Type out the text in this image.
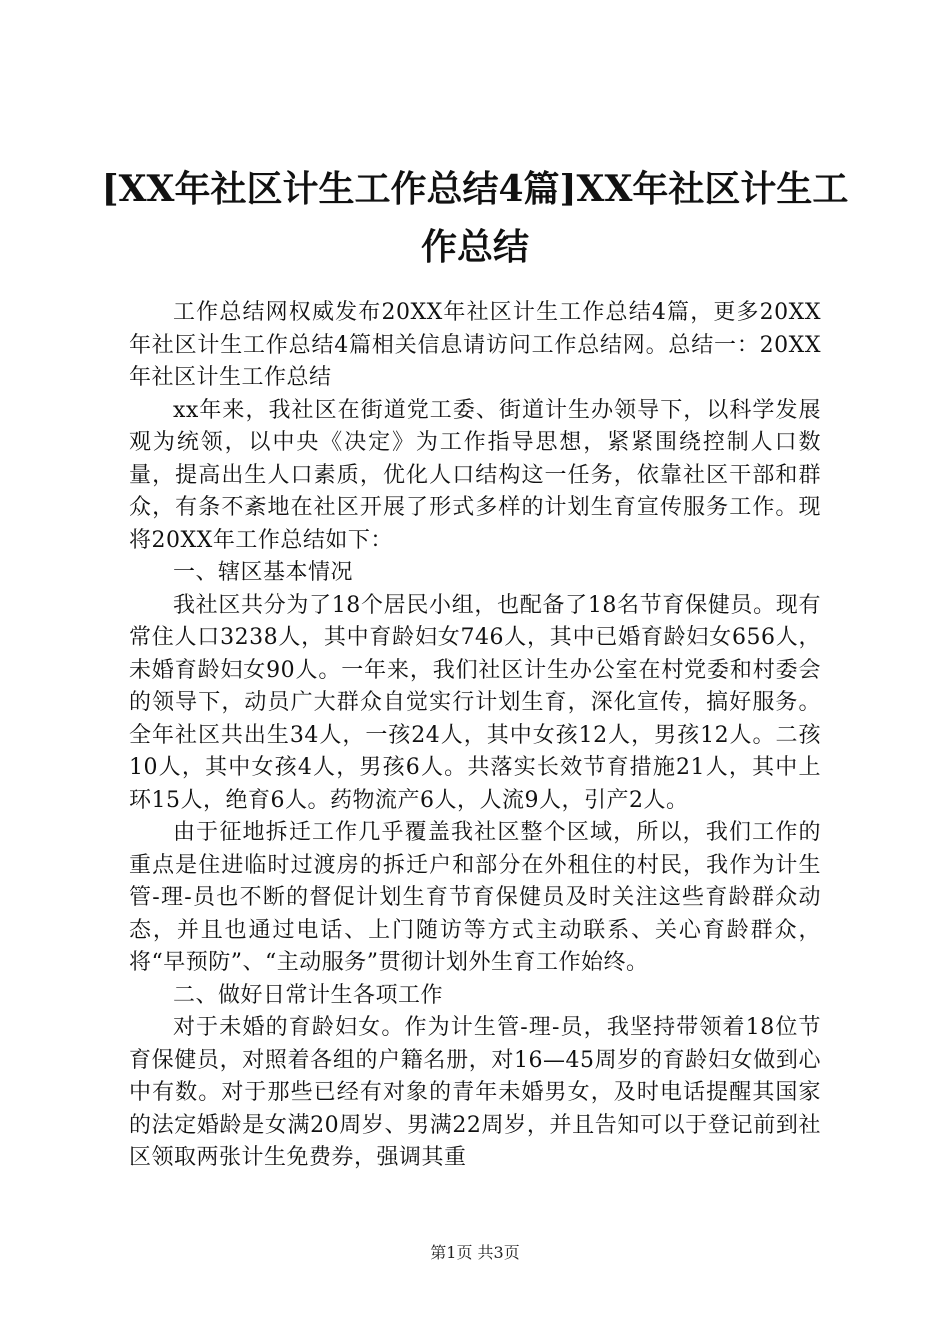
[XX年社区计生工作总结4篇]XX年社区计生工作总结

工作总结网权威发布20XX年社区计生工作总结4篇，更多20XX年社区计生工作总结4篇相关信息请访问工作总结网。总结一：20XX年社区计生工作总结

xx年来，我社区在街道党工委、街道计生办领导下，以科学发展观为统领，以中央《决定》为工作指导思想，紧紧围绕控制人口数量，提高出生人口素质，优化人口结构这一任务，依靠社区干部和群众，有条不紊地在社区开展了形式多样的计划生育宣传服务工作。现将20XX年工作总结如下：

一、辖区基本情况

我社区共分为了18个居民小组，也配备了18名节育保健员。现有常住人口3238人，其中育龄妇女746人，其中已婚育龄妇女656人，未婚育龄妇女90人。一年来，我们社区计生办公室在村党委和村委会的领导下，动员广大群众自觉实行计划生育，深化宣传，搞好服务。全年社区共出生34人，一孩24人，其中女孩12人，男孩12人。二孩10人，其中女孩4人，男孩6人。共落实长效节育措施21人，其中上环15人，绝育6人。药物流产6人，人流9人，引产2人。

由于征地拆迁工作几乎覆盖我社区整个区域，所以，我们工作的重点是住进临时过渡房的拆迁户和部分在外租住的村民，我作为计生管-理-员也不断的督促计划生育节育保健员及时关注这些育龄群众动态，并且也通过电话、上门随访等方式主动联系、关心育龄群众，将“早预防”、“主动服务”贯彻计划外生育工作始终。

二、做好日常计生各项工作

对于未婚的育龄妇女。作为计生管-理-员，我坚持带领着18位节育保健员，对照着各组的户籍名册，对16—45周岁的育龄妇女做到心中有数。对于那些已经有对象的青年未婚男女，及时电话提醒其国家的法定婚龄是女满20周岁、男满22周岁，并且告知可以于登记前到社区领取两张计生免费券，强调其重

第1页 共3页
